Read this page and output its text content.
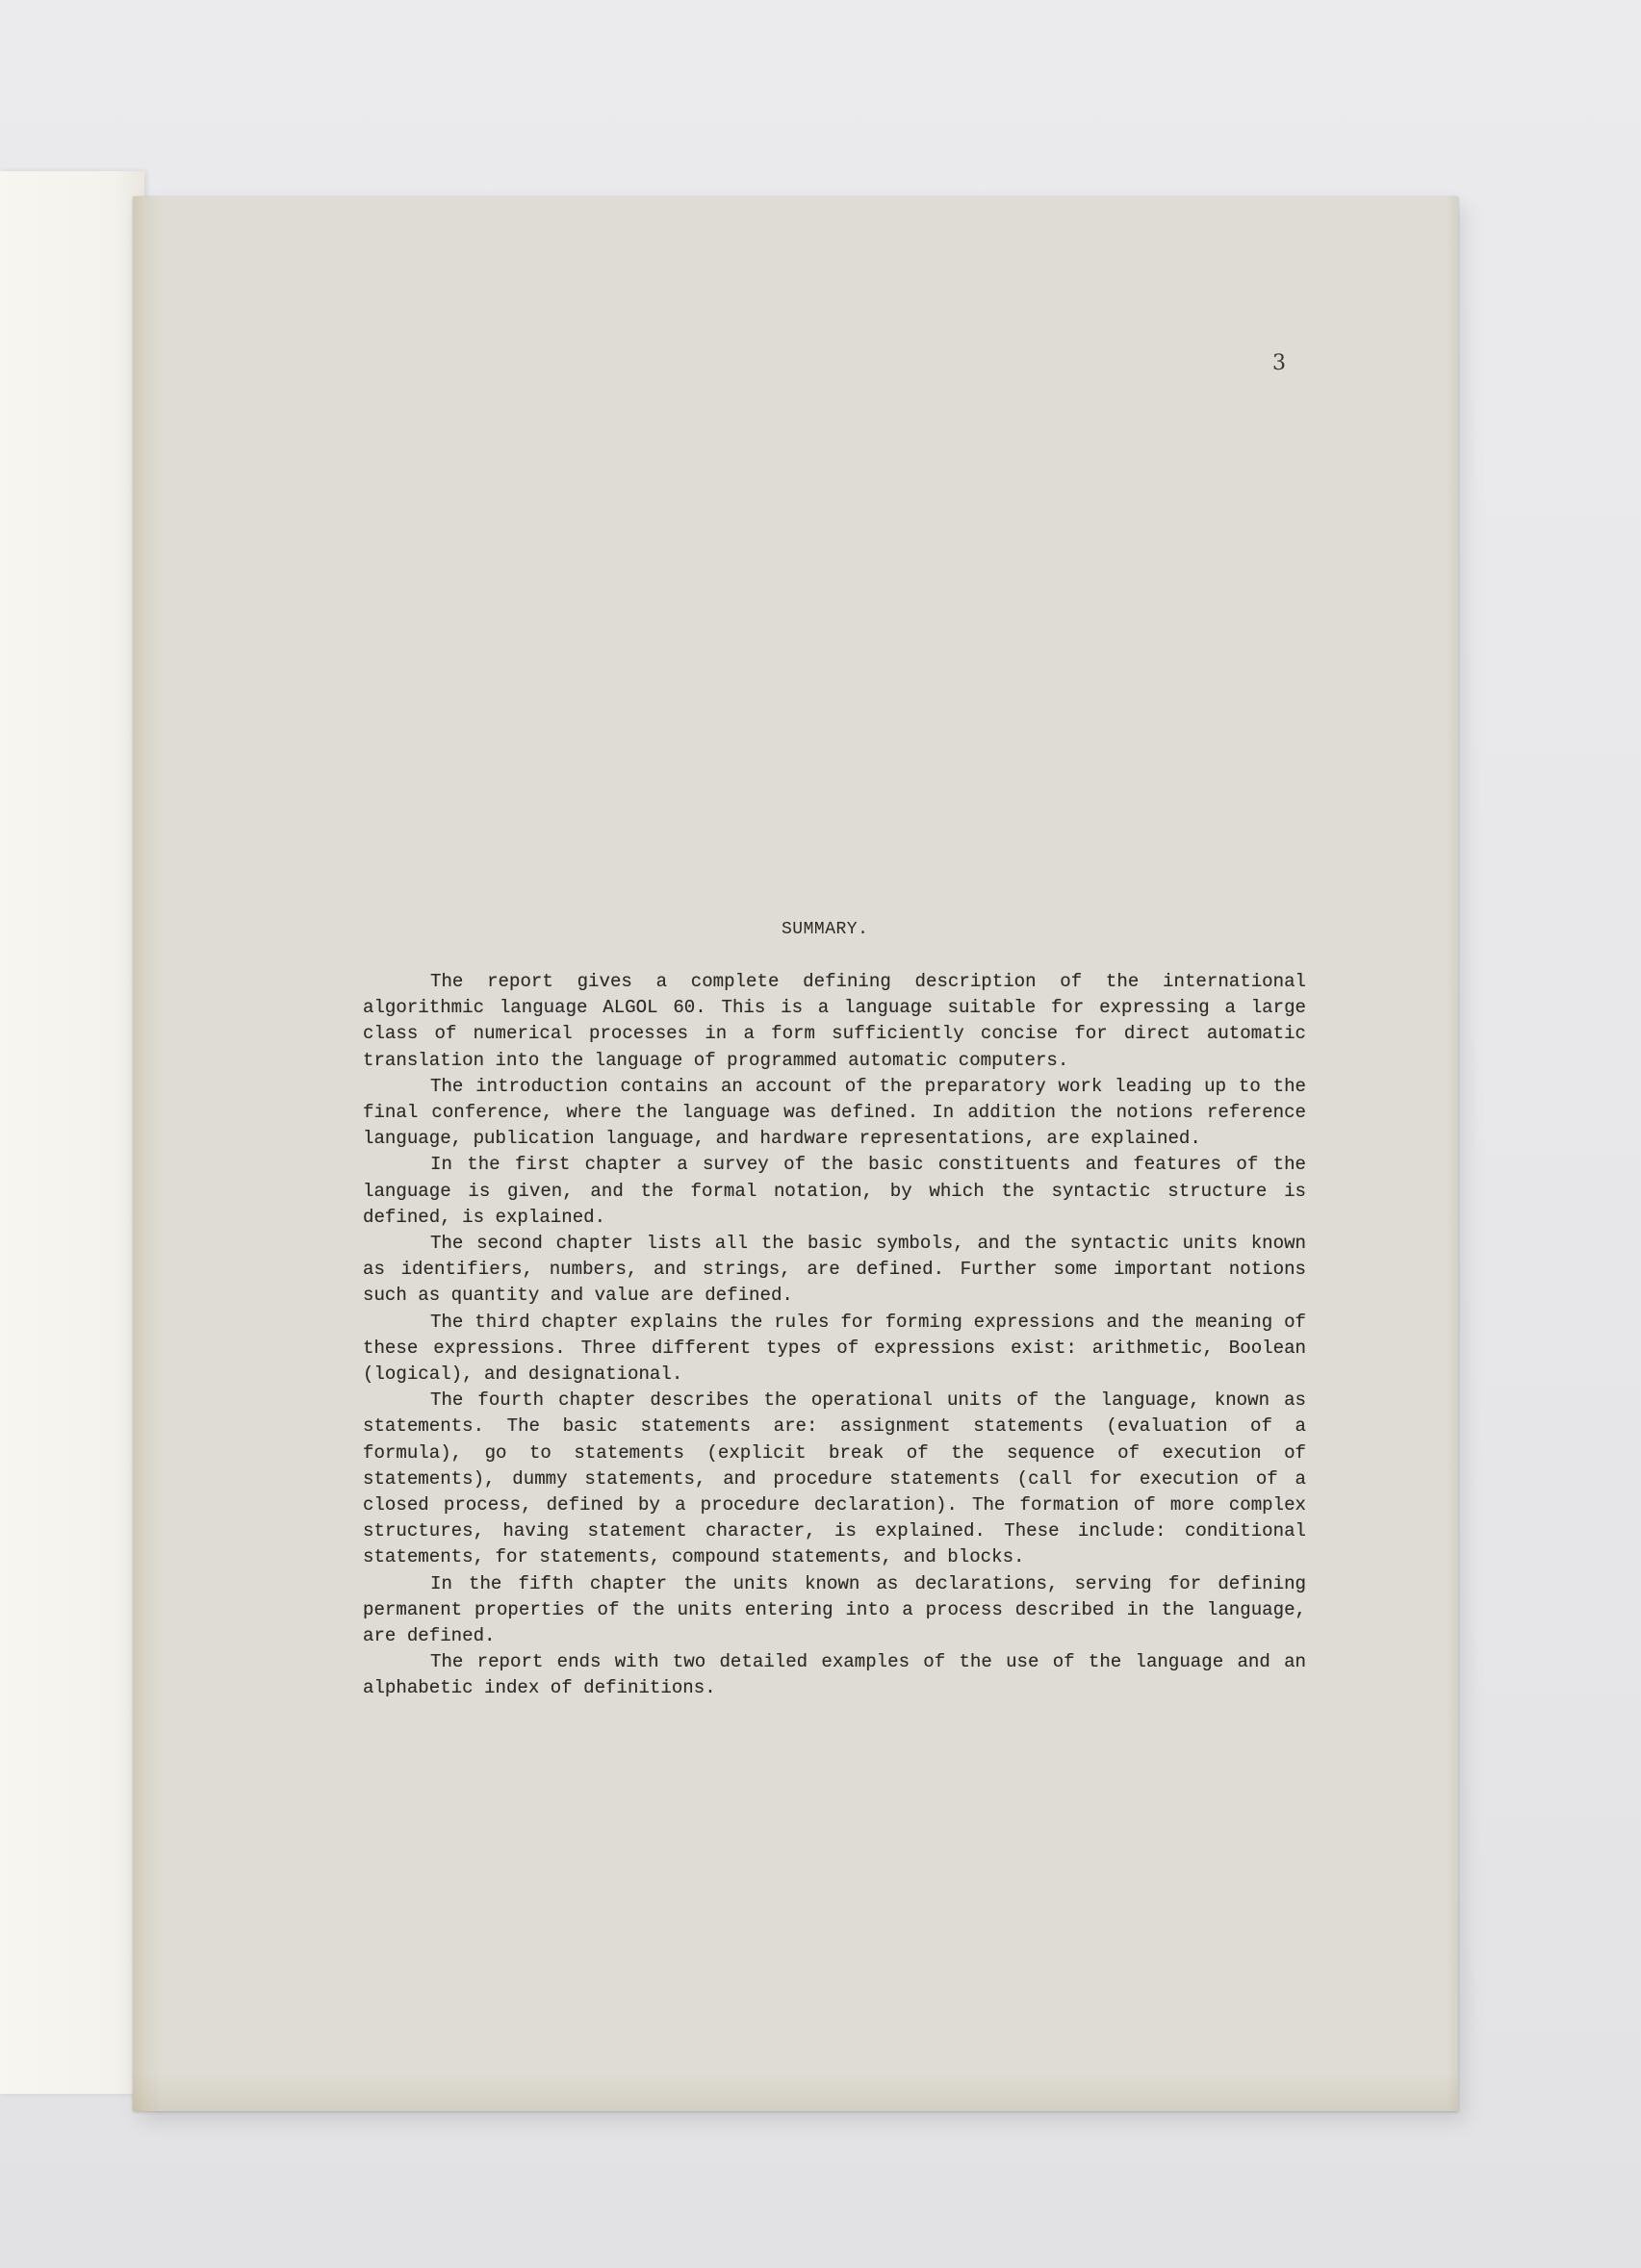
3
SUMMARY.
The report gives a complete defining description of the international algorithmic language ALGOL 60. This is a language suitable for expressing a large class of numerical processes in a form sufficiently concise for direct automatic translation into the language of programmed automatic computers.
The introduction contains an account of the preparatory work leading up to the final conference, where the language was defined. In addition the notions reference language, publication language, and hardware representations, are explained.
In the first chapter a survey of the basic constituents and features of the language is given, and the formal notation, by which the syntactic structure is defined, is explained.
The second chapter lists all the basic symbols, and the syntactic units known as identifiers, numbers, and strings, are defined. Further some important notions such as quantity and value are defined.
The third chapter explains the rules for forming expressions and the meaning of these expressions. Three different types of expressions exist: arithmetic, Boolean (logical), and designational.
The fourth chapter describes the operational units of the language, known as statements. The basic statements are: assignment statements (evaluation of a formula), go to statements (explicit break of the sequence of execution of statements), dummy statements, and procedure statements (call for execution of a closed process, defined by a procedure declaration). The formation of more complex structures, having statement character, is explained. These include: conditional statements, for statements, compound statements, and blocks.
In the fifth chapter the units known as declarations, serving for defining permanent properties of the units entering into a process described in the language, are defined.
The report ends with two detailed examples of the use of the language and an alphabetic index of definitions.
